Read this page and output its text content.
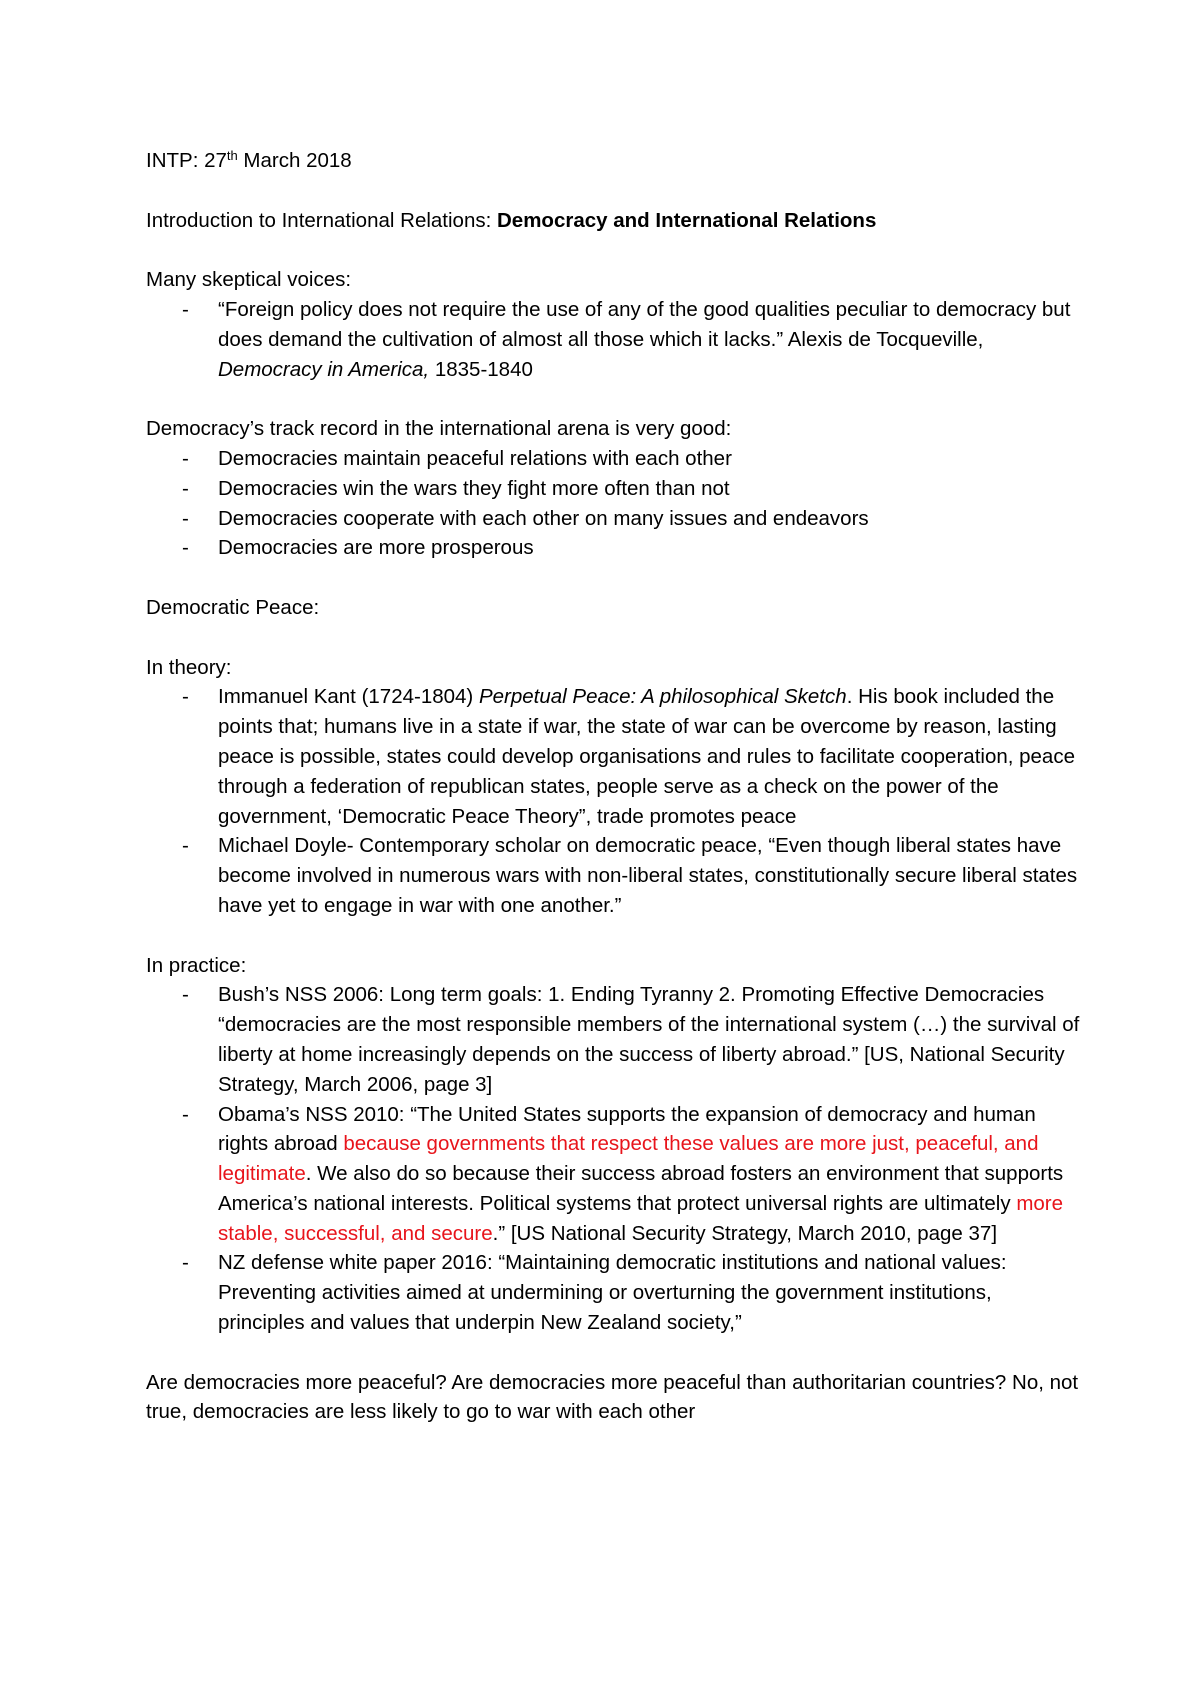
INTP: 27th March 2018

Introduction to International Relations: Democracy and International Relations

Many skeptical voices:

- “Foreign policy does not require the use of any of the good qualities peculiar to democracy but does demand the cultivation of almost all those which it lacks.” Alexis de Tocqueville, Democracy in America, 1835-1840

Democracy’s track record in the international arena is very good:

- Democracies maintain peaceful relations with each other
- Democracies win the wars they fight more often than not
- Democracies cooperate with each other on many issues and endeavors
- Democracies are more prosperous

Democratic Peace:

In theory:

- Immanuel Kant (1724-1804) Perpetual Peace: A philosophical Sketch. His book included the points that; humans live in a state if war, the state of war can be overcome by reason, lasting peace is possible, states could develop organisations and rules to facilitate cooperation, peace through a federation of republican states, people serve as a check on the power of the government, ‘Democratic Peace Theory”, trade promotes peace
- Michael Doyle- Contemporary scholar on democratic peace, “Even though liberal states have become involved in numerous wars with non-liberal states, constitutionally secure liberal states have yet to engage in war with one another.”

In practice:

- Bush’s NSS 2006: Long term goals: 1. Ending Tyranny 2. Promoting Effective Democracies “democracies are the most responsible members of the international system (…) the survival of liberty at home increasingly depends on the success of liberty abroad.” [US, National Security Strategy, March 2006, page 3]
- Obama’s NSS 2010: “The United States supports the expansion of democracy and human rights abroad because governments that respect these values are more just, peaceful, and legitimate. We also do so because their success abroad fosters an environment that supports America’s national interests. Political systems that protect universal rights are ultimately more stable, successful, and secure.” [US National Security Strategy, March 2010, page 37]
- NZ defense white paper 2016: “Maintaining democratic institutions and national values: Preventing activities aimed at undermining or overturning the government institutions, principles and values that underpin New Zealand society,”

Are democracies more peaceful? Are democracies more peaceful than authoritarian countries? No, not true, democracies are less likely to go to war with each other
